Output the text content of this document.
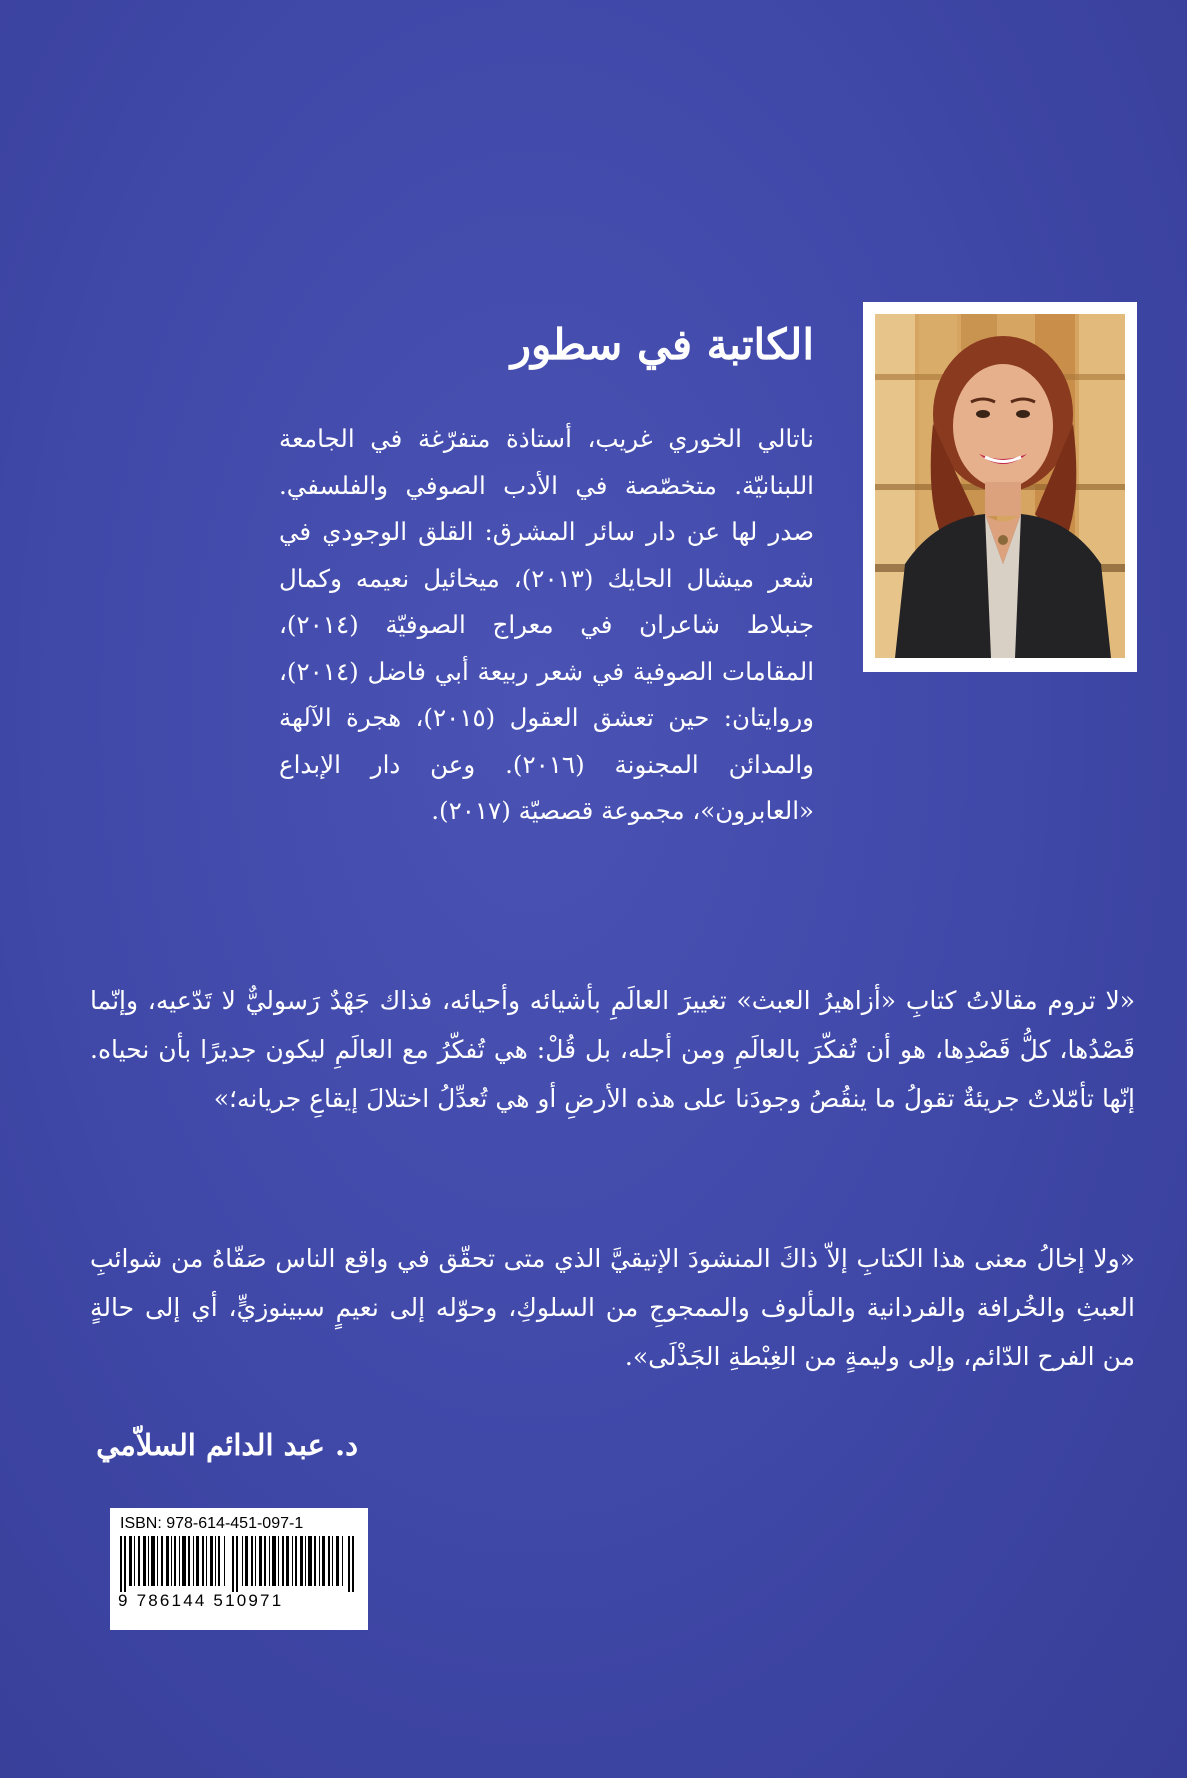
الكاتبة في سطور

ناتالي الخوري غريب، أستاذة متفرّغة في الجامعة اللبنانيّة. متخصّصة في الأدب الصوفي والفلسفي. صدر لها عن دار سائر المشرق: القلق الوجودي في شعر ميشال الحايك (٢٠١٣)، ميخائيل نعيمه وكمال جنبلاط شاعران في معراج الصوفيّة (٢٠١٤)، المقامات الصوفية في شعر ربيعة أبي فاضل (٢٠١٤)، وروايتان: حين تعشق العقول (٢٠١٥)، هجرة الآلهة والمدائن المجنونة (٢٠١٦). وعن دار الإبداع «العابرون»، مجموعة قصصيّة (٢٠١٧).

«لا تروم مقالاتُ كتابِ «أزاهيرُ العبث» تغييرَ العالَمِ بأشيائه وأحيائه، فذاك جَهْدٌ رَسوليٌّ لا تَدّعيه، وإنّما قَصْدُها، كلُّ قَصْدِها، هو أن تُفكّرَ بالعالَمِ ومن أجله، بل قُلْ: هي تُفكّرُ مع العالَمِ ليكون جديرًا بأن نحياه. إنّها تأمّلاتٌ جريئةٌ تقولُ ما ينقُصُ وجودَنا على هذه الأرضِ أو هي تُعدِّلُ اختلالَ إيقاعِ جريانه؛»

«ولا إخالُ معنى هذا الكتابِ إلاّ ذاكَ المنشودَ الإتيقيَّ الذي متى تحقّق في واقع الناس صَفّاهُ من شوائبِ العبثِ والخُرافة والفردانية والمألوف والممجوجِ من السلوكِ، وحوّله إلى نعيمٍ سبينوزيٍّ، أي إلى حالةٍ من الفرح الدّائم، وإلى وليمةٍ من الغِبْطةِ الجَذْلَى».

د. عبد الدائم السلاّمي

ISBN: 978-614-451-097-1
9 786144 510971
